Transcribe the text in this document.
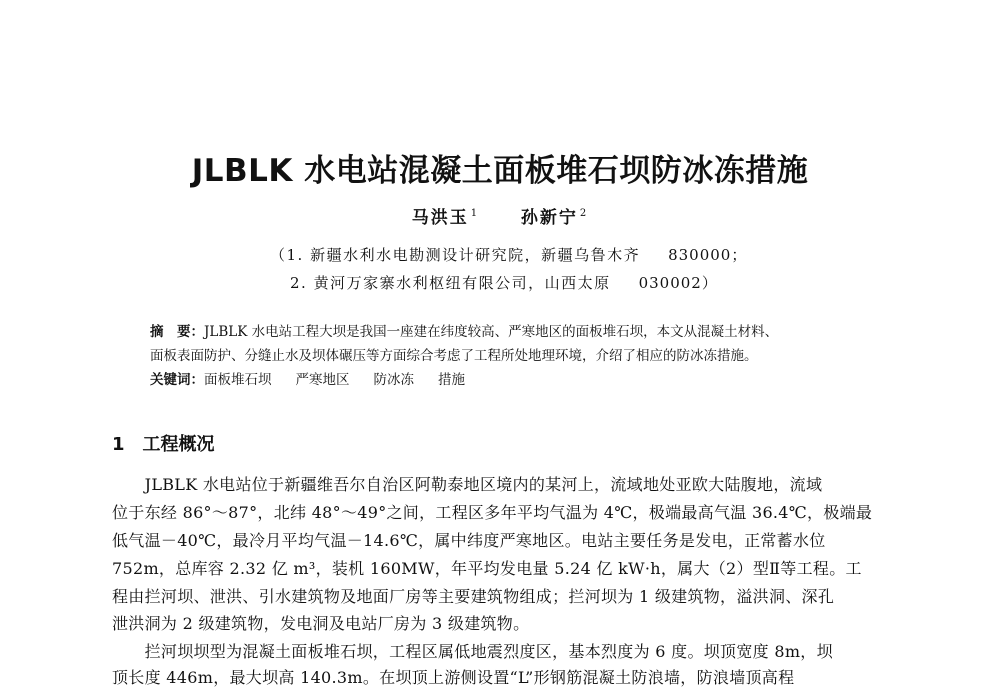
JLBLK 水电站混凝土面板堆石坝防冰冻措施
马洪玉 $^1$ 孙新宁 $^2$
（1. 新疆水利水电勘测设计研究院，新疆乌鲁木齐 830000；
2. 黄河万家寨水利枢纽有限公司，山西太原 030002）
摘　要：JLBLK 水电站工程大坝是我国一座建在纬度较高、严寒地区的面板堆石坝，本文从混凝土材料、
面板表面防护、分缝止水及坝体碾压等方面综合考虑了工程所处地理环境，介绍了相应的防冰冻措施。
关键词：面板堆石坝 严寒地区 防冰冻 措施
1 工程概况
　　JLBLK 水电站位于新疆维吾尔自治区阿勒泰地区境内的某河上，流域地处亚欧大陆腹地，流域
位于东经 86°～87°，北纬 48°～49°之间，工程区多年平均气温为 4℃，极端最高气温 36.4℃，极端最
低气温－40℃，最冷月平均气温－14.6℃，属中纬度严寒地区。电站主要任务是发电，正常蓄水位
752m，总库容 2.32 亿 m³，装机 160MW，年平均发电量 5.24 亿 kW·h，属大（2）型Ⅱ等工程。工
程由拦河坝、泄洪、引水建筑物及地面厂房等主要建筑物组成；拦河坝为 1 级建筑物，溢洪洞、深孔
泄洪洞为 2 级建筑物，发电洞及电站厂房为 3 级建筑物。
　　拦河坝坝型为混凝土面板堆石坝，工程区属低地震烈度区，基本烈度为 6 度。坝顶宽度 8m，坝
顶长度 446m，最大坝高 140.3m。在坝顶上游侧设置“L”形钢筋混凝土防浪墙，防浪墙顶高程
